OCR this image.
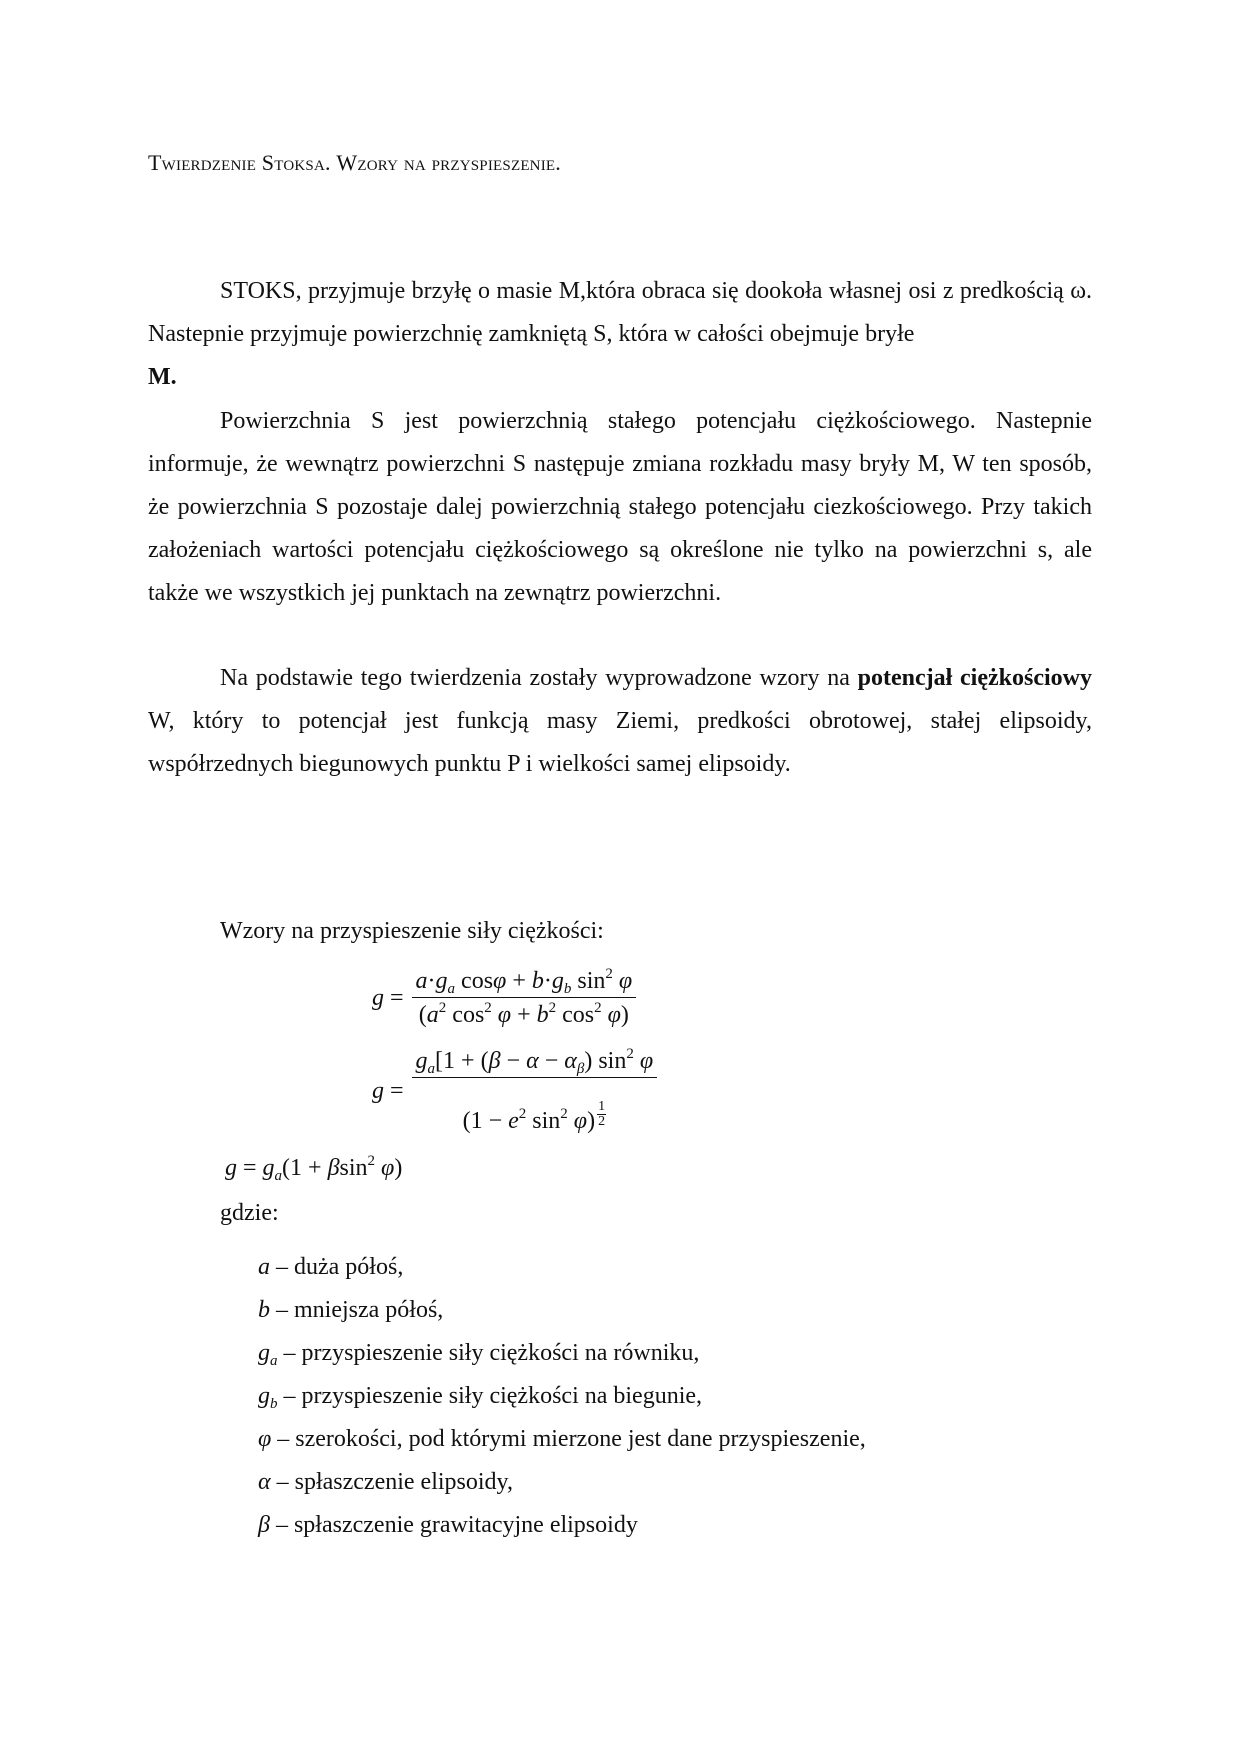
Twierdzenie Stoksa. Wzory na przyspieszenie.

STOKS, przyjmuje brzyłę o masie M,która obraca się dookoła własnej osi z predkością ω. Nastepnie przyjmuje powierzchnię zamkniętą S, która w całości obejmuje bryłe
M.

Powierzchnia S jest powierzchnią stałego potencjału ciężkościowego. Nastepnie informuje, że wewnątrz powierzchni S następuje zmiana rozkładu masy bryły M, W ten sposób, że powierzchnia S pozostaje dalej powierzchnią stałego potencjału ciezkościowego. Przy takich założeniach wartości potencjału ciężkościowego są określone nie tylko na powierzchni s, ale także we wszystkich jej punktach na zewnątrz powierzchni.

Na podstawie tego twierdzenia zostały wyprowadzone wzory na potencjał ciężkościowy W, który to potencjał jest funkcją masy Ziemi, predkości obrotowej, stałej elipsoidy, współrzednych biegunowych punktu P i wielkości samej elipsoidy.

Wzory na przyspieszenie siły ciężkości:
$g = \frac{a\cdot g_a \cos\varphi + b\cdot g_b \sin^2 \varphi}{(a^2 \cos^2 \varphi + b^2 \cos^2 \varphi)}$
$g = \frac{g_a[1 + (\beta - \alpha - \alpha_\beta) \sin^2 \varphi}{(1 - e^2 \sin^2 \varphi) \frac{1}{2}}$
$g = g_a(1 + \beta\sin^2$ φ)
gdzie:
a – duża półoś,
b – mniejsza półoś,
$g_a$ – przyspieszenie siły ciężkości na równiku,
$g_b$ – przyspieszenie siły ciężkości na biegunie,
φ – szerokości, pod którymi mierzone jest dane przyspieszenie,
α – spłaszczenie elipsoidy,
β – spłaszczenie grawitacyjne elipsoidy
